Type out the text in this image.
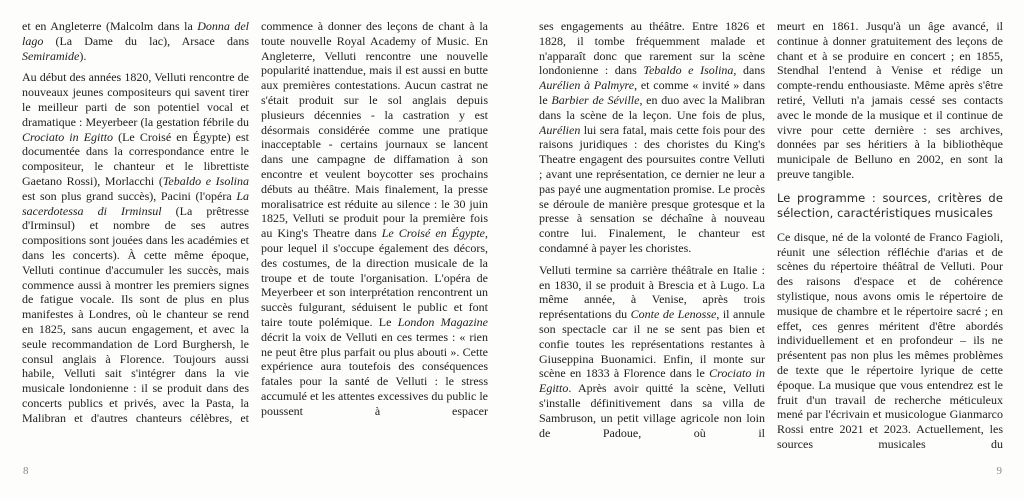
et en Angleterre (Malcolm dans la Donna del lago (La Dame du lac), Arsace dans Semiramide).

Au début des années 1820, Velluti rencontre de nouveaux jeunes compositeurs qui savent tirer le meilleur parti de son potentiel vocal et dramatique : Meyerbeer (la gestation fébrile du Crociato in Egitto (Le Croisé en Égypte) est documentée dans la correspondance entre le compositeur, le chanteur et le librettiste Gaetano Rossi), Morlacchi (Tebaldo e Isolina est son plus grand succès), Pacini (l'opéra La sacerdotessa di Irminsul (La prêtresse d'Irminsul) et nombre de ses autres compositions sont jouées dans les académies et dans les concerts). À cette même époque, Velluti continue d'accumuler les succès, mais commence aussi à montrer les premiers signes de fatigue vocale. Ils sont de plus en plus manifestes à Londres, où le chanteur se rend en 1825, sans aucun engagement, et avec la seule recommandation de Lord Burghersh, le consul anglais à Florence. Toujours aussi habile, Velluti sait s'intégrer dans la vie musicale londonienne : il se produit dans des concerts publics et privés, avec la Pasta, la Malibran et d'autres chanteurs célèbres, et

commence à donner des leçons de chant à la toute nouvelle Royal Academy of Music. En Angleterre, Velluti rencontre une nouvelle popularité inattendue, mais il est aussi en butte aux premières contestations. Aucun castrat ne s'était produit sur le sol anglais depuis plusieurs décennies - la castration y est désormais considérée comme une pratique inacceptable - certains journaux se lancent dans une campagne de diffamation à son encontre et veulent boycotter ses prochains débuts au théâtre. Mais finalement, la presse moralisatrice est réduite au silence : le 30 juin 1825, Velluti se produit pour la première fois au King's Theatre dans Le Croisé en Égypte, pour lequel il s'occupe également des décors, des costumes, de la direction musicale de la troupe et de toute l'organisation. L'opéra de Meyerbeer et son interprétation rencontrent un succès fulgurant, séduisent le public et font taire toute polémique. Le London Magazine décrit la voix de Velluti en ces termes : « rien ne peut être plus parfait ou plus abouti ». Cette expérience aura toutefois des conséquences fatales pour la santé de Velluti : le stress accumulé et les attentes excessives du public le poussent à espacer

8

ses engagements au théâtre. Entre 1826 et 1828, il tombe fréquemment malade et n'apparaît donc que rarement sur la scène londonienne : dans Tebaldo e Isolina, dans Aurélien à Palmyre, et comme « invité » dans le Barbier de Séville, en duo avec la Malibran dans la scène de la leçon. Une fois de plus, Aurélien lui sera fatal, mais cette fois pour des raisons juridiques : des choristes du King's Theatre engagent des poursuites contre Velluti ; avant une représentation, ce dernier ne leur a pas payé une augmentation promise. Le procès se déroule de manière presque grotesque et la presse à sensation se déchaîne à nouveau contre lui. Finalement, le chanteur est condamné à payer les choristes.

Velluti termine sa carrière théâtrale en Italie : en 1830, il se produit à Brescia et à Lugo. La même année, à Venise, après trois représentations du Conte de Lenosse, il annule son spectacle car il ne se sent pas bien et confie toutes les représentations restantes à Giuseppina Buonamici. Enfin, il monte sur scène en 1833 à Florence dans le Crociato in Egitto. Après avoir quitté la scène, Velluti s'installe définitivement dans sa villa de Sambruson, un petit village agricole non loin de Padoue, où il

meurt en 1861. Jusqu'à un âge avancé, il continue à donner gratuitement des leçons de chant et à se produire en concert ; en 1855, Stendhal l'entend à Venise et rédige un compte-rendu enthousiaste. Même après s'être retiré, Velluti n'a jamais cessé ses contacts avec le monde de la musique et il continue de vivre pour cette dernière : ses archives, données par ses héritiers à la bibliothèque municipale de Belluno en 2002, en sont la preuve tangible.

Le programme : sources, critères de sélection, caractéristiques musicales

Ce disque, né de la volonté de Franco Fagioli, réunit une sélection réfléchie d'arias et de scènes du répertoire théâtral de Velluti. Pour des raisons d'espace et de cohérence stylistique, nous avons omis le répertoire de musique de chambre et le répertoire sacré ; en effet, ces genres méritent d'être abordés individuellement et en profondeur – ils ne présentent pas non plus les mêmes problèmes de texte que le répertoire lyrique de cette époque. La musique que vous entendrez est le fruit d'un travail de recherche méticuleux mené par l'écrivain et musicologue Gianmarco Rossi entre 2021 et 2023. Actuellement, les sources musicales du

9
